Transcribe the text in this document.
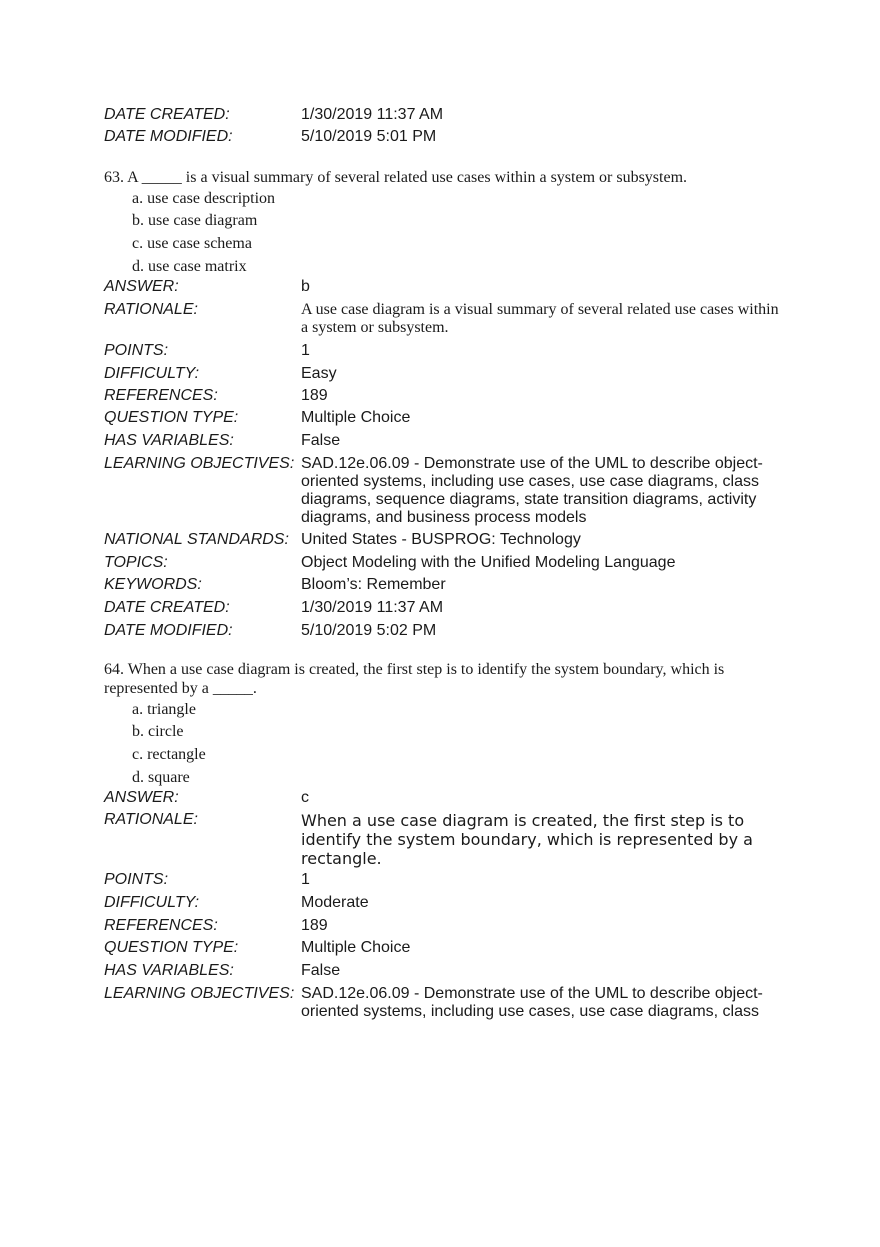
DATE CREATED:	1/30/2019 11:37 AM
DATE MODIFIED:	5/10/2019 5:01 PM
63. A _____ is a visual summary of several related use cases within a system or subsystem.
a. use case description
b. use case diagram
c. use case schema
d. use case matrix
ANSWER:	b
RATIONALE:	A use case diagram is a visual summary of several related use cases within a system or subsystem.
POINTS:	1
DIFFICULTY:	Easy
REFERENCES:	189
QUESTION TYPE:	Multiple Choice
HAS VARIABLES:	False
LEARNING OBJECTIVES: SAD.12e.06.09 - Demonstrate use of the UML to describe object-oriented systems, including use cases, use case diagrams, class diagrams, sequence diagrams, state transition diagrams, activity diagrams, and business process models
NATIONAL STANDARDS: United States - BUSPROG: Technology
TOPICS:	Object Modeling with the Unified Modeling Language
KEYWORDS:	Bloom’s: Remember
DATE CREATED:	1/30/2019 11:37 AM
DATE MODIFIED:	5/10/2019 5:02 PM
64. When a use case diagram is created, the first step is to identify the system boundary, which is represented by a _____.
a. triangle
b. circle
c. rectangle
d. square
ANSWER:	c
RATIONALE:	When a use case diagram is created, the first step is to identify the system boundary, which is represented by a rectangle.
POINTS:	1
DIFFICULTY:	Moderate
REFERENCES:	189
QUESTION TYPE:	Multiple Choice
HAS VARIABLES:	False
LEARNING OBJECTIVES: SAD.12e.06.09 - Demonstrate use of the UML to describe object-oriented systems, including use cases, use case diagrams, class
